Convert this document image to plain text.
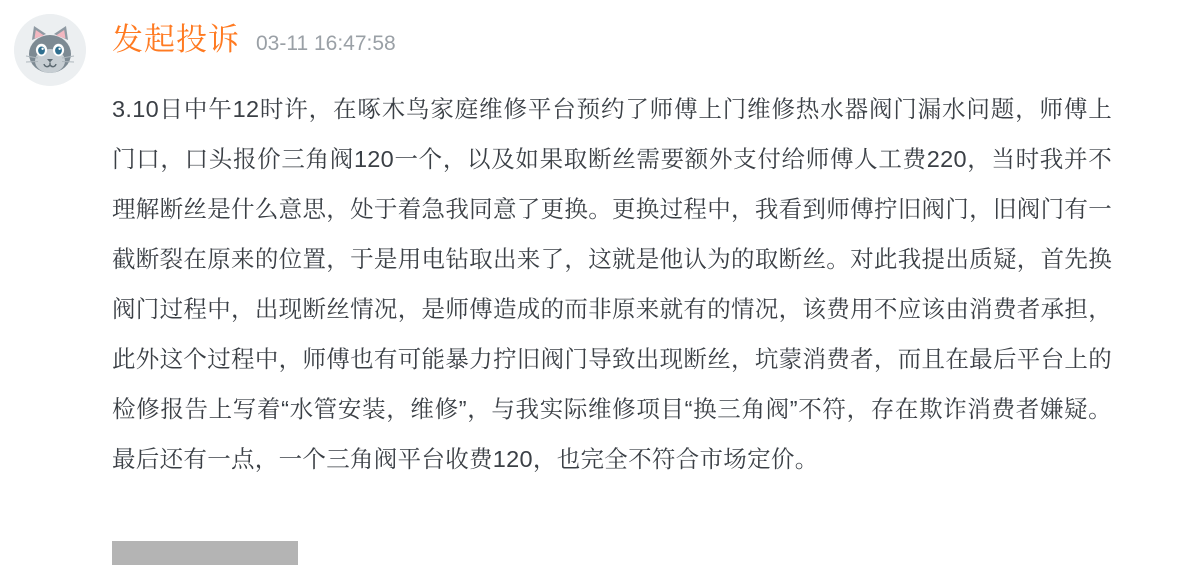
发起投诉 03-11 16:47:58
3.10日中午12时许，在啄木鸟家庭维修平台预约了师傅上门维修热水器阀门漏水问题，师傅上门口，口头报价三角阀120一个，以及如果取断丝需要额外支付给师傅人工费220，当时我并不理解断丝是什么意思，处于着急我同意了更换。更换过程中，我看到师傅拧旧阀门，旧阀门有一截断裂在原来的位置，于是用电钻取出来了，这就是他认为的取断丝。对此我提出质疑，首先换阀门过程中，出现断丝情况，是师傅造成的而非原来就有的情况，该费用不应该由消费者承担，此外这个过程中，师傅也有可能暴力拧旧阀门导致出现断丝，坑蒙消费者，而且在最后平台上的检修报告上写着“水管安装，维修”，与我实际维修项目“换三角阀”不符，存在欺诈消费者嫌疑。最后还有一点，一个三角阀平台收费120，也完全不符合市场定价。
